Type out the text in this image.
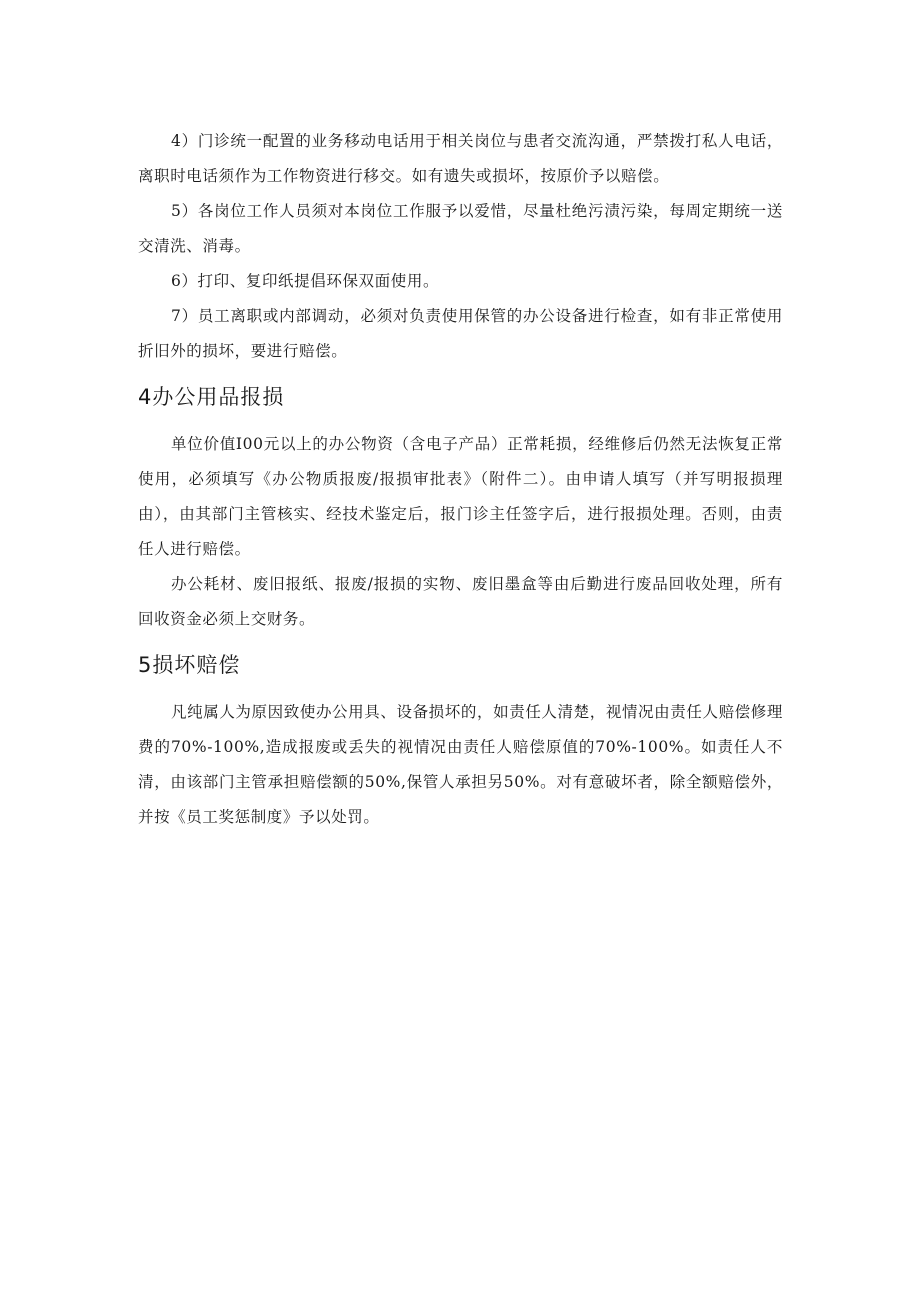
4）门诊统一配置的业务移动电话用于相关岗位与患者交流沟通，严禁拨打私人电话，离职时电话须作为工作物资进行移交。如有遗失或损坏，按原价予以赔偿。

5）各岗位工作人员须对本岗位工作服予以爱惜，尽量杜绝污渍污染，每周定期统一送交清洗、消毒。

6）打印、复印纸提倡环保双面使用。

7）员工离职或内部调动，必须对负责使用保管的办公设备进行检查，如有非正常使用折旧外的损坏，要进行赔偿。

4办公用品报损

单位价值I00元以上的办公物资（含电子产品）正常耗损，经维修后仍然无法恢复正常使用，必须填写《办公物质报废/报损审批表》（附件二）。由申请人填写（并写明报损理由），由其部门主管核实、经技术鉴定后，报门诊主任签字后，进行报损处理。否则，由责任人进行赔偿。

办公耗材、废旧报纸、报废/报损的实物、废旧墨盒等由后勤进行废品回收处理，所有回收资金必须上交财务。

5损坏赔偿

凡纯属人为原因致使办公用具、设备损坏的，如责任人清楚，视情况由责任人赔偿修理费的70%-100%,造成报废或丢失的视情况由责任人赔偿原值的70%-100%。如责任人不清，由该部门主管承担赔偿额的50%,保管人承担另50%。对有意破坏者，除全额赔偿外，并按《员工奖惩制度》予以处罚。
